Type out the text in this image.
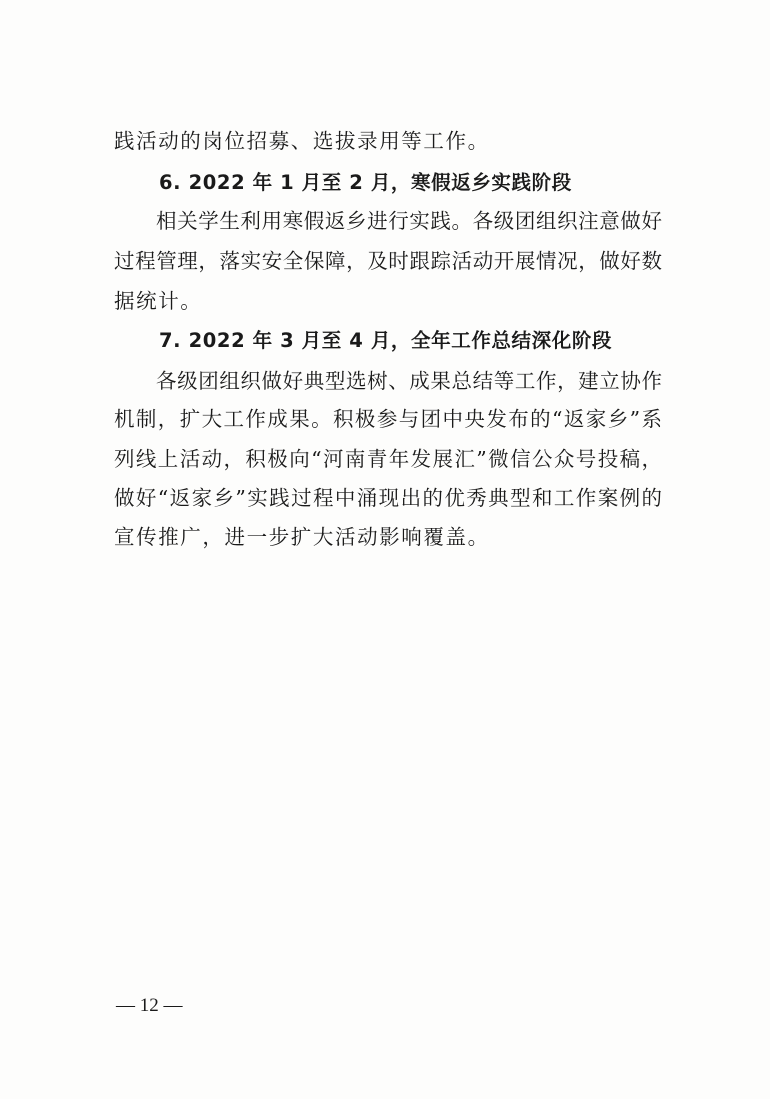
践活动的岗位招募、选拔录用等工作。
6. 2022 年 1 月至 2 月，寒假返乡实践阶段
相关学生利用寒假返乡进行实践。各级团组织注意做好
过程管理，落实安全保障，及时跟踪活动开展情况，做好数
据统计。
7. 2022 年 3 月至 4 月，全年工作总结深化阶段
各级团组织做好典型选树、成果总结等工作，建立协作
机制，扩大工作成果。积极参与团中央发布的“返家乡”系
列线上活动，积极向“河南青年发展汇”微信公众号投稿，
做好“返家乡”实践过程中涌现出的优秀典型和工作案例的
宣传推广，进一步扩大活动影响覆盖。
— 12 —
